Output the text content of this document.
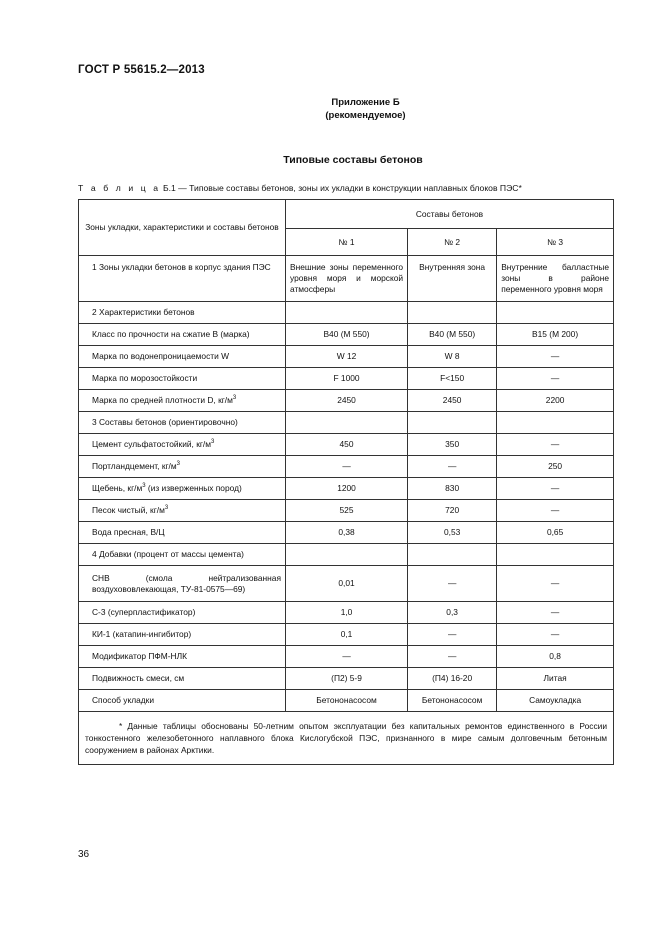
ГОСТ Р 55615.2—2013
Приложение Б
(рекомендуемое)
Типовые составы бетонов
Т а б л и ц а Б.1 — Типовые составы бетонов, зоны их укладки в конструкции наплавных блоков ПЭС*
Зоны укладки, характеристики и составы бетонов	Составы бетонов		
	№ 1	№ 2	№ 3
1 Зоны укладки бетонов в корпус здания ПЭС	Внешние зоны переменного уровня моря и морской атмосферы	Внутренняя зона	Внутренние балластные зоны в районе переменного уровня моря
2 Характеристики бетонов			
Класс по прочности на сжатие В (марка)	В40 (М 550)	В40 (М 550)	В15 (М 200)
Марка по водонепроницаемости W	W 12	W 8	—
Марка по морозостойкости	F 1000	F<150	—
Марка по средней плотности D, $кг/м^3$	2450	2450	2200
3 Составы бетонов (ориентировочно)			
Цемент сульфатостойкий, $кг/м^3$	450	350	—
Портландцемент, $кг/м^3$	—	—	250
Щебень, $кг/м^3$ (из изверженных пород)	1200	830	—
Песок чистый, $кг/м^3$	525	720	—
Вода пресная, В/Ц	0,38	0,53	0,65
4 Добавки (процент от массы цемента)			
СНВ (смола нейтрализованная воздухововлекающая, ТУ-81-0575—69)	0,01	—	—
С-3 (суперпластификатор)	1,0	0,3	—
КИ-1 (катапин-ингибитор)	0,1	—	—
Модификатор ПФМ-НЛК	—	—	0,8
Подвижность смеси, см	(П2) 5-9	(П4) 16-20	Литая
Способ укладки	Бетононасосом	Бетононасосом	Самоукладка

* Данные таблицы обоснованы 50-летним опытом эксплуатации без капитальных ремонтов единственного в России тонкостенного железобетонного наплавного блока Кислогубской ПЭС, признанного в мире самым долговечным бетонным сооружением в районах Арктики.			
36
